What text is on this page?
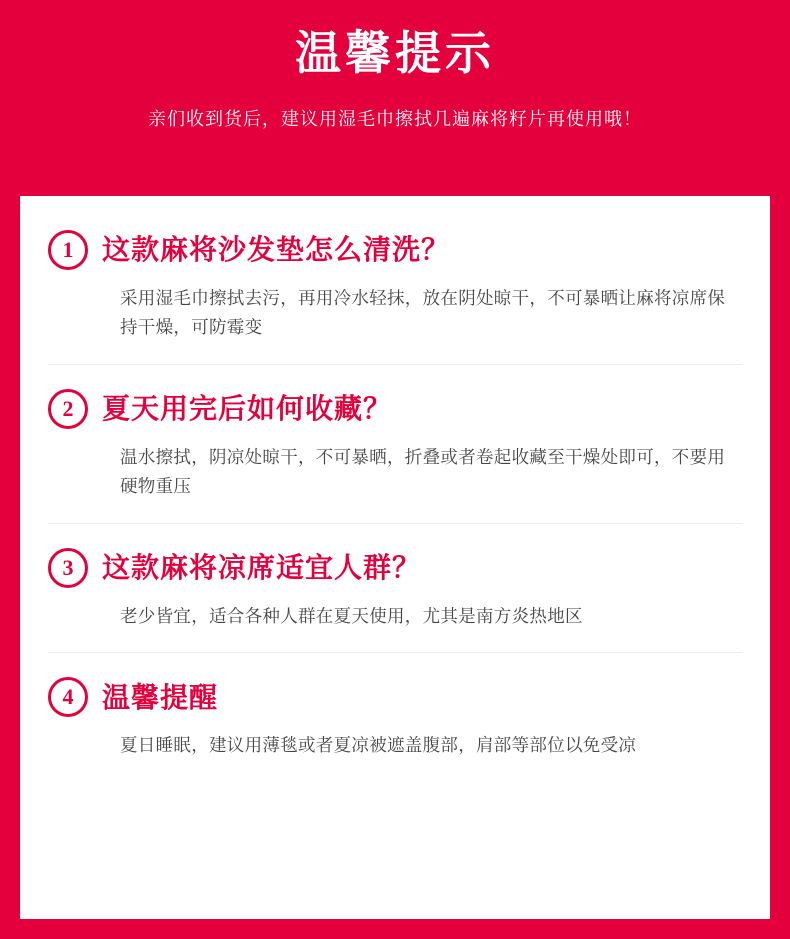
温馨提示
亲们收到货后，建议用湿毛巾擦拭几遍麻将籽片再使用哦！
1	这款麻将沙发垫怎么清洗？
采用湿毛巾擦拭去污，再用冷水轻抹，放在阴处晾干，不可暴晒让麻将凉席保持干燥，可防霉变
2	夏天用完后如何收藏？
温水擦拭，阴凉处晾干，不可暴晒，折叠或者卷起收藏至干燥处即可，不要用硬物重压
3	这款麻将凉席适宜人群？
老少皆宜，适合各种人群在夏天使用，尤其是南方炎热地区
4	温馨提醒
夏日睡眠，建议用薄毯或者夏凉被遮盖腹部，肩部等部位以免受凉
